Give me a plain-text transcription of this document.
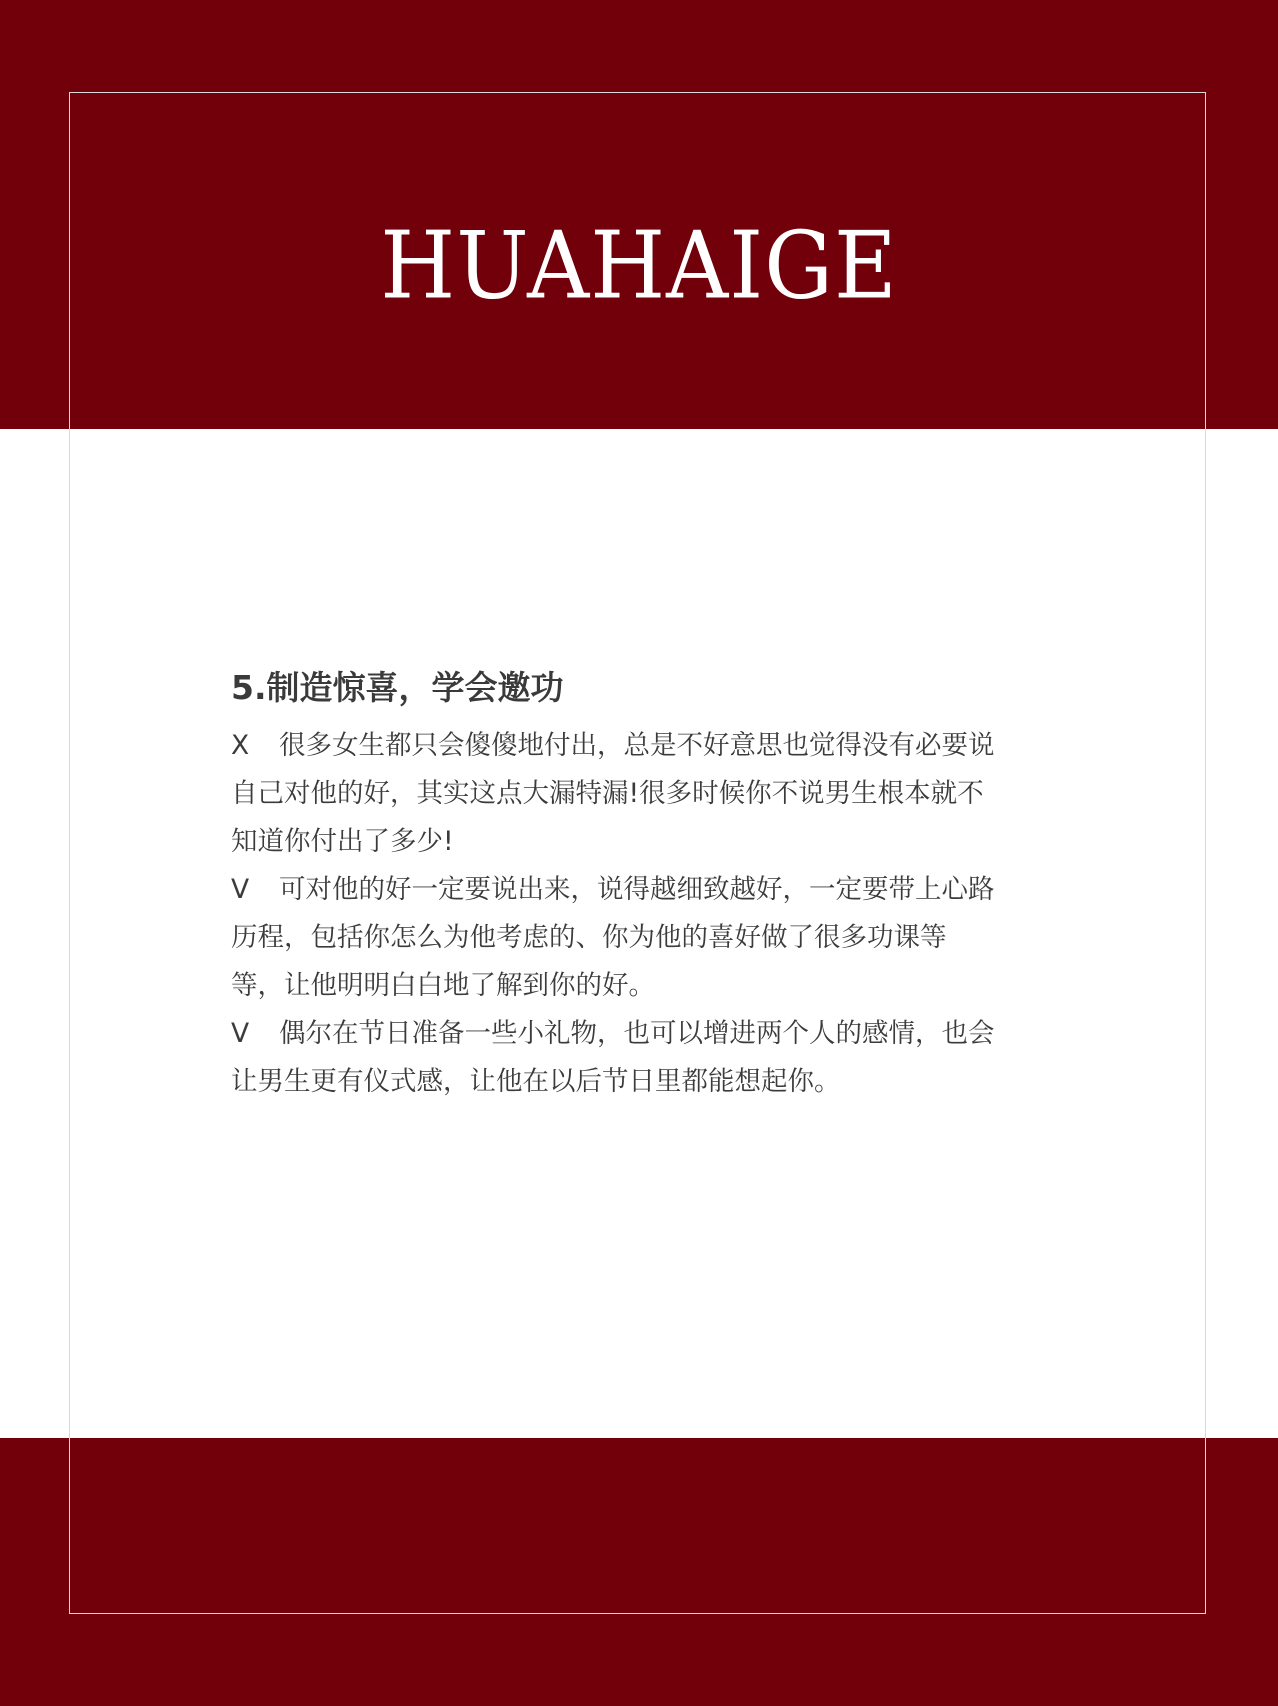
HUAHAIGE
5.制造惊喜，学会邀功
X 很多女生都只会傻傻地付出，总是不好意思也觉得没有必要说
自己对他的好，其实这点大漏特漏!很多时候你不说男生根本就不
知道你付出了多少!
V 可对他的好一定要说出来，说得越细致越好，一定要带上心路
历程，包括你怎么为他考虑的、你为他的喜好做了很多功课等
等，让他明明白白地了解到你的好。
V 偶尔在节日准备一些小礼物，也可以增进两个人的感情，也会
让男生更有仪式感，让他在以后节日里都能想起你。
